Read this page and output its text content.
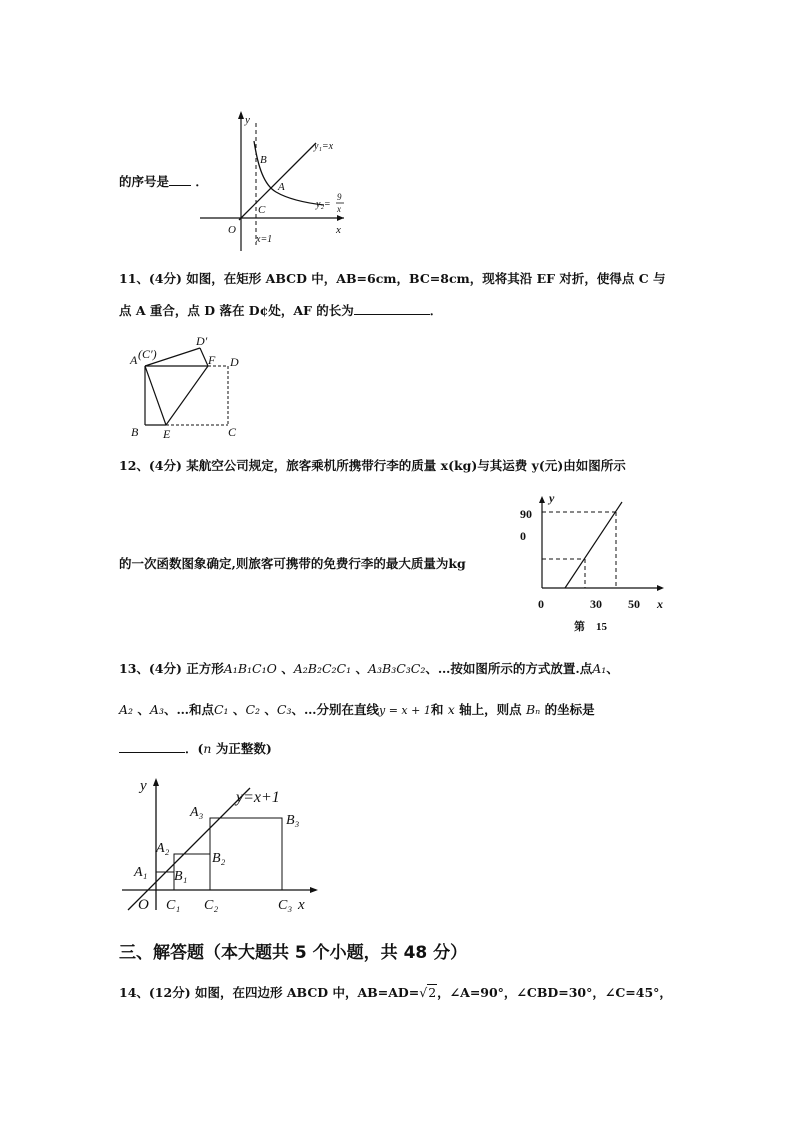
的序号是 ．
y
x
O
B
A
C
y₁=x
y₂=
9
x
x=1
11、(4分) 如图，在矩形 ABCD 中，AB=6cm，BC=8cm，现将其沿 EF 对折，使得点 C 与
点 A 重合，点 D 落在 D¢处，AF 的长为	．
A (C′)
D′
F D
B E	C
12、(4分) 某航空公司规定，旅客乘机所携带行李的质量 x(kg)与其运费 y(元)由如图所示
的一次函数图象确定,则旅客可携带的免费行李的最大质量为kg
y
x
90
0
0	30 50
第 15
13、(4分) 正方形A₁B₁C₁O 、A₂B₂C₂C₁ 、A₃B₃C₃C₂、…按如图所示的方式放置.点A₁、
A₂ 、A₃、…和点C₁ 、C₂ 、C₃、…分别在直线y = x + 1和 x 轴上，则点 Bₙ 的坐标是
．(n 为正整数)
y
x
O
y=x+1
A₁
A₂
A₃
B₁
B₂
B₃
C₁ C₂	C₃
三、解答题（本大题共 5 个小题，共 48 分）
14、(12分) 如图，在四边形 ABCD 中，AB=AD=√2，∠A=90°，∠CBD=30°，∠C=45°，
